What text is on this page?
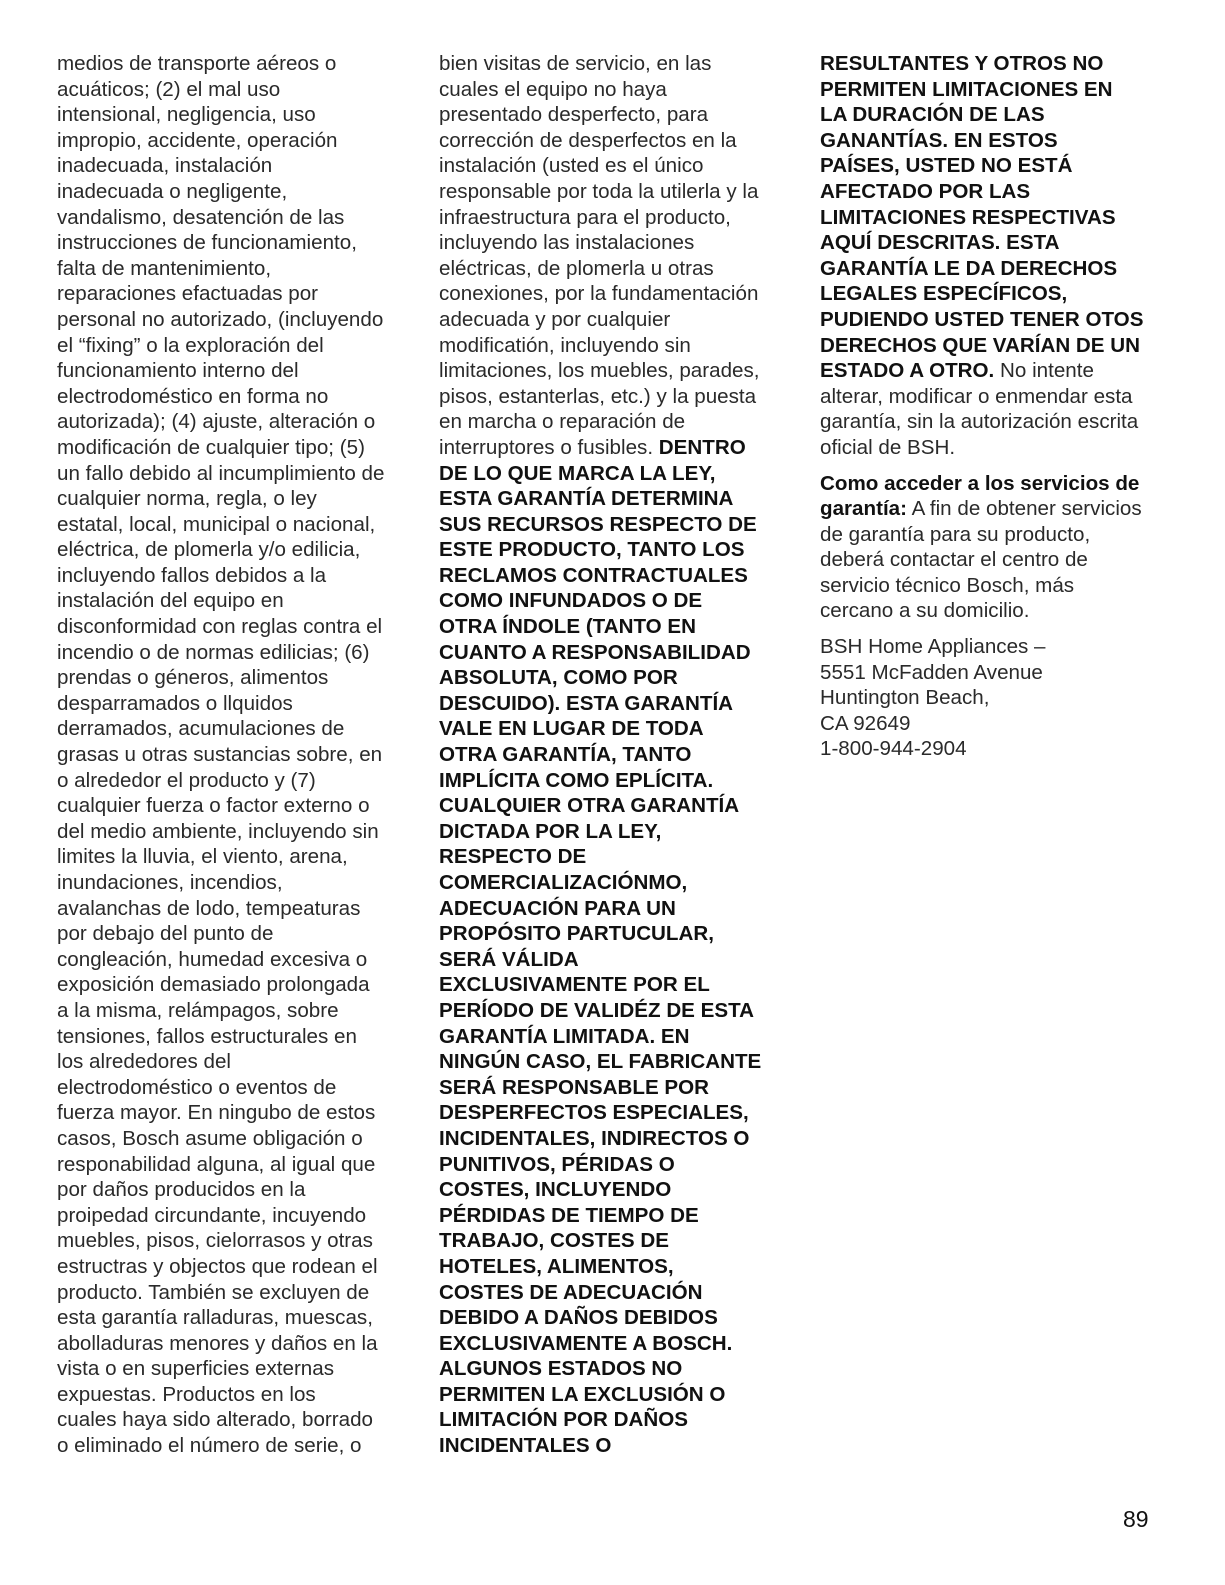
medios de transporte aéreos o
acuáticos; (2) el mal uso
intensional, negligencia, uso
impropio, accidente, operación
inadecuada, instalación
inadecuada o negligente,
vandalismo, desatención de las
instrucciones de funcionamiento,
falta de mantenimiento,
reparaciones efactuadas por
personal no autorizado, (incluyendo
el “fixing” o la exploración del
funcionamiento interno del
electrodoméstico en forma no
autorizada); (4) ajuste, alteración o
modificación de cualquier tipo; (5)
un fallo debido al incumplimiento de
cualquier norma, regla, o ley
estatal, local, municipal o nacional,
eléctrica, de plomerla y/o edilicia,
incluyendo fallos debidos a la
instalación del equipo en
disconformidad con reglas contra el
incendio o de normas edilicias; (6)
prendas o géneros, alimentos
desparramados o llquidos
derramados, acumulaciones de
grasas u otras sustancias sobre, en
o alrededor el producto y (7)
cualquier fuerza o factor externo o
del medio ambiente, incluyendo sin
limites la lluvia, el viento, arena,
inundaciones, incendios,
avalanchas de lodo, tempeaturas
por debajo del punto de
congleación, humedad excesiva o
exposición demasiado prolongada
a la misma, relámpagos, sobre
tensiones, fallos estructurales en
los alrededores del
electrodoméstico o eventos de
fuerza mayor. En ningubo de estos
casos, Bosch asume obligación o
responabilidad alguna, al igual que
por daños producidos en la
proipedad circundante, incuyendo
muebles, pisos, cielorrasos y otras
estructras y objectos que rodean el
producto. También se excluyen de
esta garantía ralladuras, muescas,
abolladuras menores y daños en la
vista o en superficies externas
expuestas. Productos en los
cuales haya sido alterado, borrado
o eliminado el número de serie, o
bien visitas de servicio, en las
cuales el equipo no haya
presentado desperfecto, para
corrección de desperfectos en la
instalación (usted es el único
responsable por toda la utilerla y la
infraestructura para el producto,
incluyendo las instalaciones
eléctricas, de plomerla u otras
conexiones, por la fundamentación
adecuada y por cualquier
modificatión, incluyendo sin
limitaciones, los muebles, parades,
pisos, estanterlas, etc.) y la puesta
en marcha o reparación de
interruptores o fusibles. DENTRO
DE LO QUE MARCA LA LEY,
ESTA GARANTÍA DETERMINA
SUS RECURSOS RESPECTO DE
ESTE PRODUCTO, TANTO LOS
RECLAMOS CONTRACTUALES
COMO INFUNDADOS O DE
OTRA ÍNDOLE (TANTO EN
CUANTO A RESPONSABILIDAD
ABSOLUTA, COMO POR
DESCUIDO). ESTA GARANTÍA
VALE EN LUGAR DE TODA
OTRA GARANTÍA, TANTO
IMPLÍCITA COMO EPLÍCITA.
CUALQUIER OTRA GARANTÍA
DICTADA POR LA LEY,
RESPECTO DE
COMERCIALIZACIÓNMO,
ADECUACIÓN PARA UN
PROPÓSITO PARTUCULAR,
SERÁ VÁLIDA
EXCLUSIVAMENTE POR EL
PERÍODO DE VALIDÉZ DE ESTA
GARANTÍA LIMITADA. EN
NINGÚN CASO, EL FABRICANTE
SERÁ RESPONSABLE POR
DESPERFECTOS ESPECIALES,
INCIDENTALES, INDIRECTOS O
PUNITIVOS, PÉRIDAS O
COSTES, INCLUYENDO
PÉRDIDAS DE TIEMPO DE
TRABAJO, COSTES DE
HOTELES, ALIMENTOS,
COSTES DE ADECUACIÓN
DEBIDO A DAÑOS DEBIDOS
EXCLUSIVAMENTE A BOSCH.
ALGUNOS ESTADOS NO
PERMITEN LA EXCLUSIÓN O
LIMITACIÓN POR DAÑOS
INCIDENTALES O
RESULTANTES Y OTROS NO
PERMITEN LIMITACIONES EN
LA DURACIÓN DE LAS
GANANTÍAS. EN ESTOS
PAÍSES, USTED NO ESTÁ
AFECTADO POR LAS
LIMITACIONES RESPECTIVAS
AQUÍ DESCRITAS. ESTA
GARANTÍA LE DA DERECHOS
LEGALES ESPECÍFICOS,
PUDIENDO USTED TENER OTOS
DERECHOS QUE VARÍAN DE UN
ESTADO A OTRO. No intente
alterar, modificar o enmendar esta
garantía, sin la autorización escrita
oficial de BSH.
Como acceder a los servicios de
garantía: A fin de obtener servicios
de garantía para su producto,
deberá contactar el centro de
servicio técnico Bosch, más
cercano a su domicilio.
BSH Home Appliances –
5551 McFadden Avenue
Huntington Beach,
CA 92649
1-800-944-2904
89
